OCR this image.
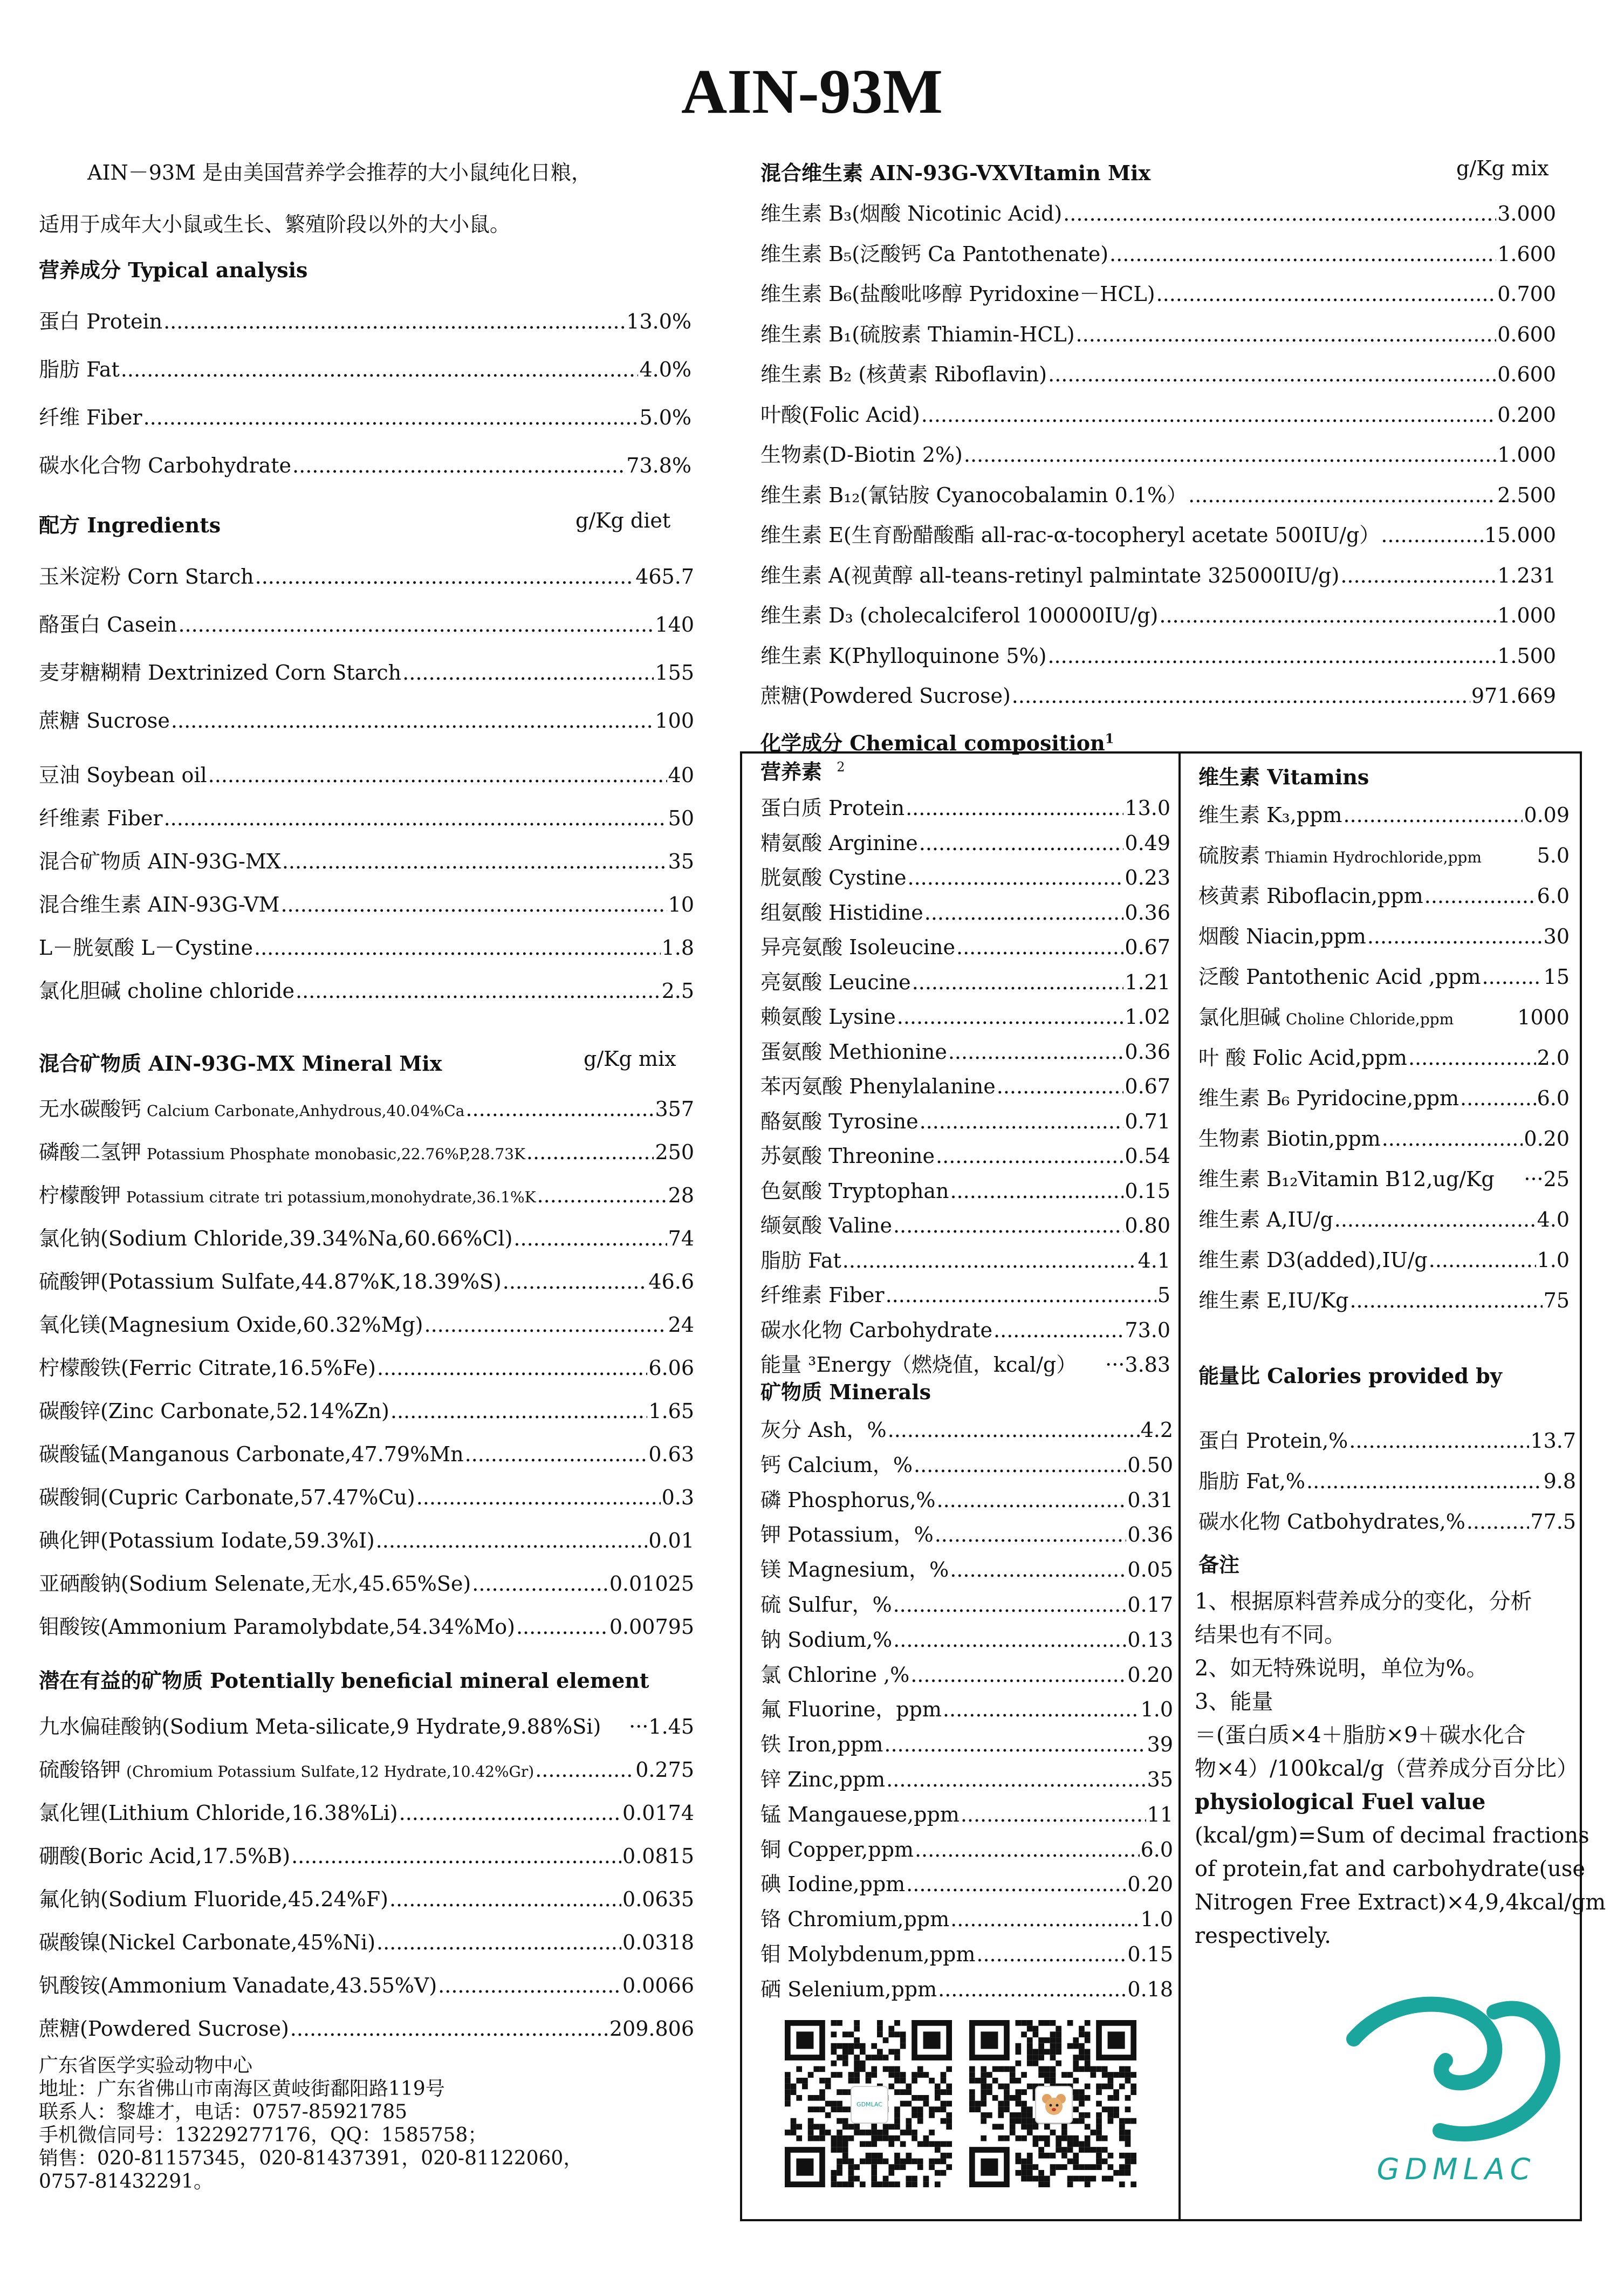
AIN-93M

AIN－93M 是由美国营养学会推荐的大小鼠纯化日粮，

适用于成年大小鼠或生长、繁殖阶段以外的大小鼠。

营养成分 Typical analysis
蛋白 Protein .....	13.0%
脂肪 Fat .....	4.0%
纤维 Fiber .....	5.0%
碳水化合物 Carbohydrate .....	73.8%
配方 Ingredients	g/Kg diet
玉米淀粉 Corn Starch .....	465.7
酪蛋白 Casein .....	140
麦芽糖糊精 Dextrinized Corn Starch .....	155
蔗糖 Sucrose .....	100
豆油 Soybean oil .....	40
纤维素 Fiber .....	50
混合矿物质 AIN-93G-MX .....	35
混合维生素 AIN-93G-VM .....	10
L－胱氨酸 L－Cystine .....	1.8
氯化胆碱 choline chloride .....	2.5
混合矿物质 AIN-93G-MX Mineral Mix	g/Kg mix
无水碳酸钙 Calcium Carbonate,Anhydrous,40.04%Ca .....	357
磷酸二氢钾 Potassium Phosphate monobasic,22.76%P,28.73K .....	250
柠檬酸钾 Potassium citrate tri potassium,monohydrate,36.1%K .....	28
氯化钠(Sodium Chloride,39.34%Na,60.66%Cl) .....	74
硫酸钾(Potassium Sulfate,44.87%K,18.39%S) .....	46.6
氧化镁(Magnesium Oxide,60.32%Mg) .....	24
柠檬酸铁(Ferric Citrate,16.5%Fe) .....	6.06
碳酸锌(Zinc Carbonate,52.14%Zn) .....	1.65
碳酸锰(Manganous Carbonate,47.79%Mn .....	0.63
碳酸铜(Cupric Carbonate,57.47%Cu) .....	0.3
碘化钾(Potassium Iodate,59.3%I) .....	0.01
亚硒酸钠(Sodium Selenate,无水,45.65%Se) .....	0.01025
钼酸铵(Ammonium Paramolybdate,54.34%Mo) .....	0.00795
潜在有益的矿物质 Potentially beneficial mineral element
九水偏硅酸钠(Sodium Meta-silicate,9 Hydrate,9.88%Si)	··· 1.45
硫酸铬钾 (Chromium Potassium Sulfate,12 Hydrate,10.42%Gr) .....	0.275
氯化锂(Lithium Chloride,16.38%Li) .....	0.0174
硼酸(Boric Acid,17.5%B) .....	0.0815
氟化钠(Sodium Fluoride,45.24%F) .....	0.0635
碳酸镍(Nickel Carbonate,45%Ni) .....	0.0318
钒酸铵(Ammonium Vanadate,43.55%V) .....	0.0066
蔗糖(Powdered Sucrose) .....	209.806
广东省医学实验动物中心
地址：广东省佛山市南海区黄岐街鄱阳路119号
联系人：黎雄才，电话：0757-85921785
手机微信同号：13229277176，QQ：1585758；
销售：020-81157345，020-81437391，020-81122060，
0757-81432291。
混合维生素 AIN-93G-VXVItamin Mix	g/Kg mix
维生素 B₃(烟酸 Nicotinic Acid) .....	3.000
维生素 B₅(泛酸钙 Ca Pantothenate) .....	1.600
维生素 B₆(盐酸吡哆醇 Pyridoxine－HCL) .....	0.700
维生素 B₁(硫胺素 Thiamin-HCL) .....	0.600
维生素 B₂ (核黄素 Riboflavin) .....	0.600
叶酸(Folic Acid) .....	0.200
生物素(D-Biotin 2%) .....	1.000
维生素 B₁₂(氰钴胺 Cyanocobalamin 0.1%） .....	2.500
维生素 E(生育酚醋酸酯 all-rac-α-tocopheryl acetate 500IU/g） .....	15.000
维生素 A(视黄醇 all-teans-retinyl palmintate 325000IU/g) .....	1.231
维生素 D₃ (cholecalciferol 100000IU/g) .....	1.000
维生素 K(Phylloquinone 5%) .....	1.500
蔗糖(Powdered Sucrose) .....	971.669
化学成分 Chemical composition$^1$
营养素 $^2$
蛋白质 Protein .....	13.0
精氨酸 Arginine .....	0.49
胱氨酸 Cystine .....	0.23
组氨酸 Histidine .....	0.36
异亮氨酸 Isoleucine .....	0.67
亮氨酸 Leucine .....	1.21
赖氨酸 Lysine .....	1.02
蛋氨酸 Methionine .....	0.36
苯丙氨酸 Phenylalanine .....	0.67
酪氨酸 Tyrosine .....	0.71
苏氨酸 Threonine .....	0.54
色氨酸 Tryptophan .....	0.15
缬氨酸 Valine .....	0.80
脂肪 Fat .....	4.1
纤维素 Fiber .....	5
碳水化物 Carbohydrate .....	73.0
能量 ³Energy（燃烧值，kcal/g）	··· 3.83
矿物质 Minerals
灰分 Ash，% .....	4.2
钙 Calcium，% .....	0.50
磷 Phosphorus,% .....	0.31
钾 Potassium，% .....	0.36
镁 Magnesium，% .....	0.05
硫 Sulfur，% .....	0.17
钠 Sodium,% .....	0.13
氯 Chlorine ,% .....	0.20
氟 Fluorine，ppm .....	1.0
铁 Iron,ppm .....	39
锌 Zinc,ppm .....	35
锰 Mangauese,ppm .....	11
铜 Copper,ppm .....	6.0
碘 Iodine,ppm .....	0.20
铬 Chromium,ppm .....	1.0
钼 Molybdenum,ppm .....	0.15
硒 Selenium,ppm .....	0.18
GDMLAC
维生素 Vitamins
维生素 K₃,ppm .....	0.09
硫胺素 Thiamin Hydrochloride,ppm	5.0
核黄素 Riboflacin,ppm .....	6.0
烟酸 Niacin,ppm .....	30
泛酸 Pantothenic Acid ,ppm .....	15
氯化胆碱 Choline Chloride,ppm	1000
叶 酸 Folic Acid,ppm .....	2.0
维生素 B₆ Pyridocine,ppm .....	6.0
生物素 Biotin,ppm .....	0.20
维生素 B₁₂Vitamin B12,ug/Kg	··· 25
维生素 A,IU/g .....	4.0
维生素 D3(added),IU/g .....	1.0
维生素 E,IU/Kg .....	75
能量比 Calories provided by
蛋白 Protein,% .....	13.7
脂肪 Fat,% .....	9.8
碳水化物 Catbohydrates,% .....	77.5
备注
1、根据原料营养成分的变化，分析
结果也有不同。
2、如无特殊说明，单位为%。
3、能量
＝(蛋白质×4＋脂肪×9＋碳水化合
物×4）/100kcal/g（营养成分百分比）
physiological Fuel value
(kcal/gm)=Sum of decimal fractions
of protein,fat and carbohydrate(use
Nitrogen Free Extract)×4,9,4kcal/gm
respectively.
GDMLAC
